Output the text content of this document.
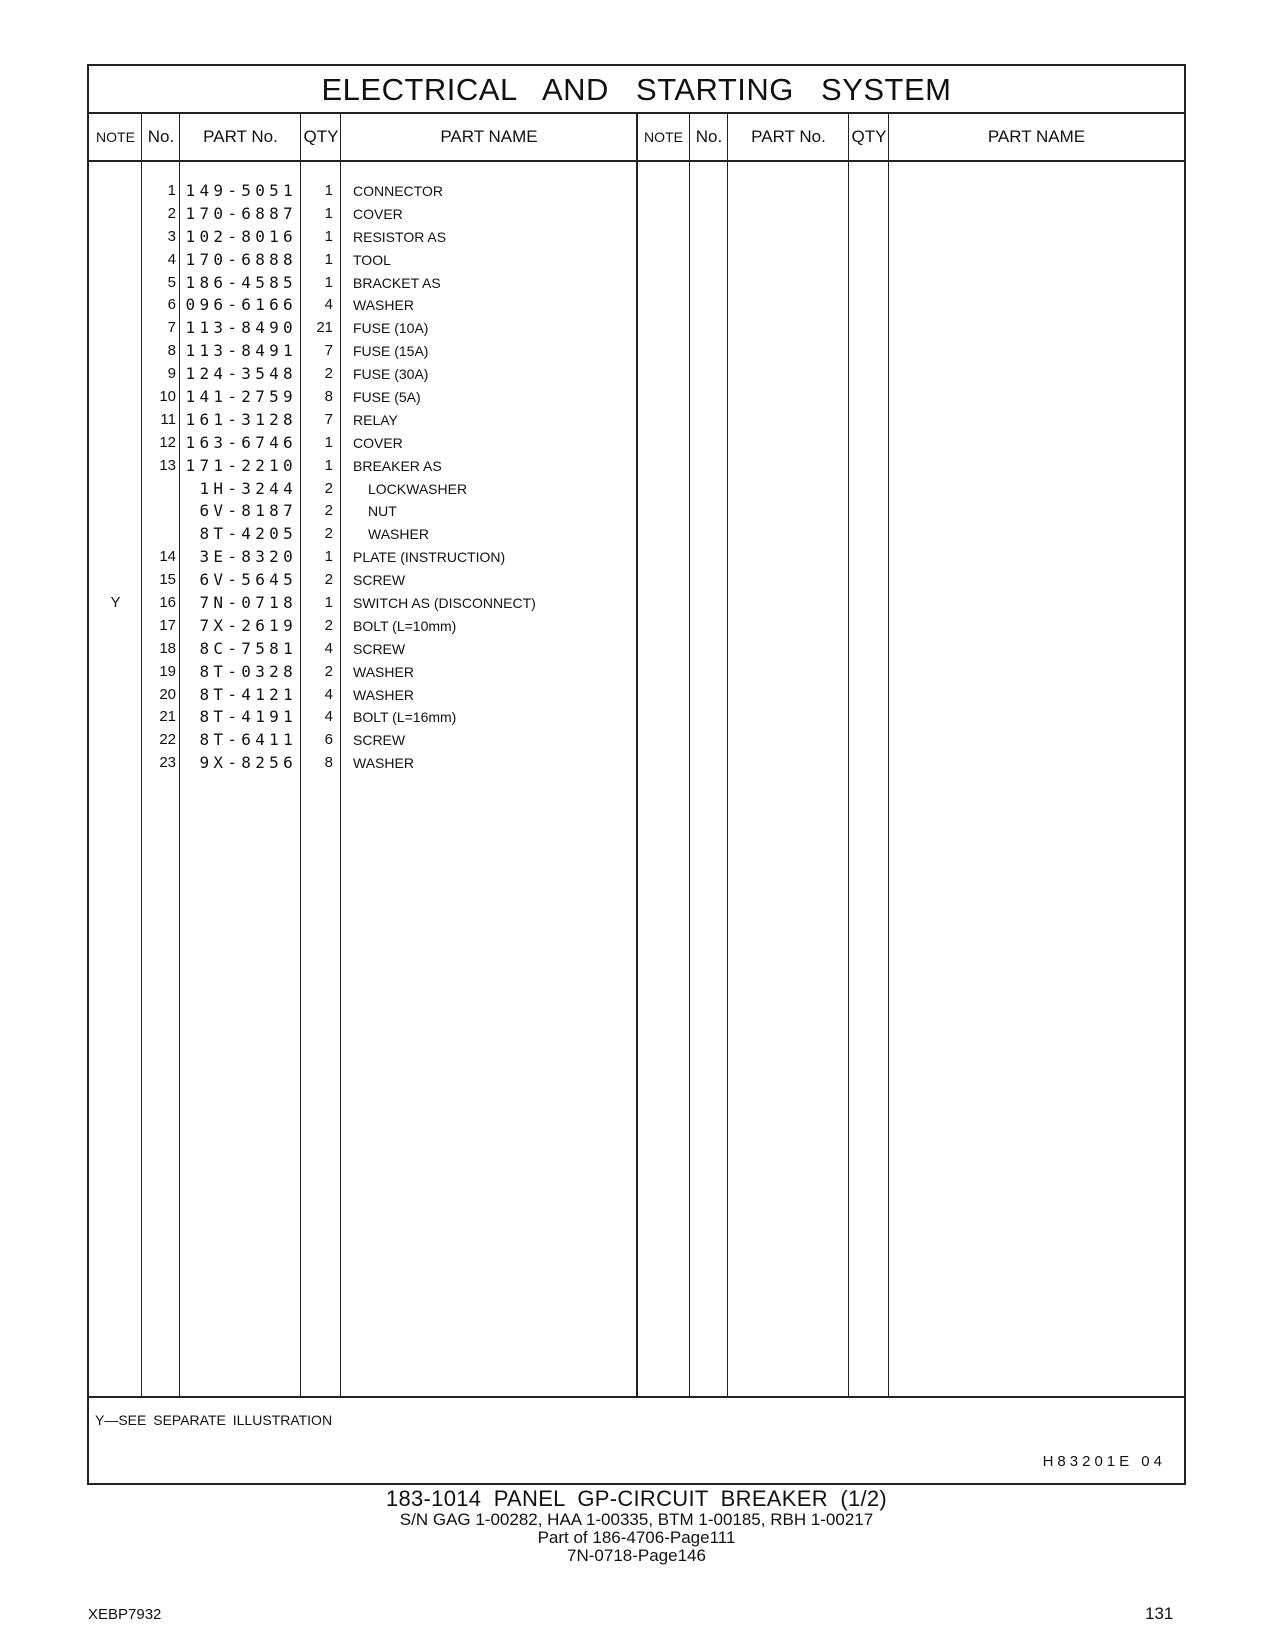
ELECTRICAL AND STARTING SYSTEM
NOTE No.	PART No.	QTY	PART NAME	NOTE No.	PART No.	QTY	PART NAME
1 149-5051	1	CONNECTOR
2 170-6887	1	COVER
3 102-8016	1	RESISTOR AS
4 170-6888	1	TOOL
5 186-4585	1	BRACKET AS
6 096-6166	4	WASHER
7 113-8490	21	FUSE (10A)
8 113-8491	7	FUSE (15A)
9 124-3548	2	FUSE (30A)
10 141-2759	8	FUSE (5A)
11 161-3128	7	RELAY
12 163-6746	1	COVER
13 171-2210	1	BREAKER AS
1H-3244	2	LOCKWASHER
6V-8187	2	NUT
8T-4205	2	WASHER
14	3E-8320	1	PLATE (INSTRUCTION)
15	6V-5645	2	SCREW
Y	16	7N-0718	1	SWITCH AS (DISCONNECT)
17	7X-2619	2	BOLT (L=10mm)
18	8C-7581	4	SCREW
19	8T-0328	2	WASHER
20	8T-4121	4	WASHER
21	8T-4191	4	BOLT (L=16mm)
22	8T-6411	6	SCREW
23	9X-8256	8	WASHER
Y—SEE SEPARATE ILLUSTRATION
H83201E 04
183-1014 PANEL GP-CIRCUIT BREAKER (1/2)
S/N GAG 1-00282, HAA 1-00335, BTM 1-00185, RBH 1-00217
Part of 186-4706-Page111
7N-0718-Page146
XEBP7932	131
